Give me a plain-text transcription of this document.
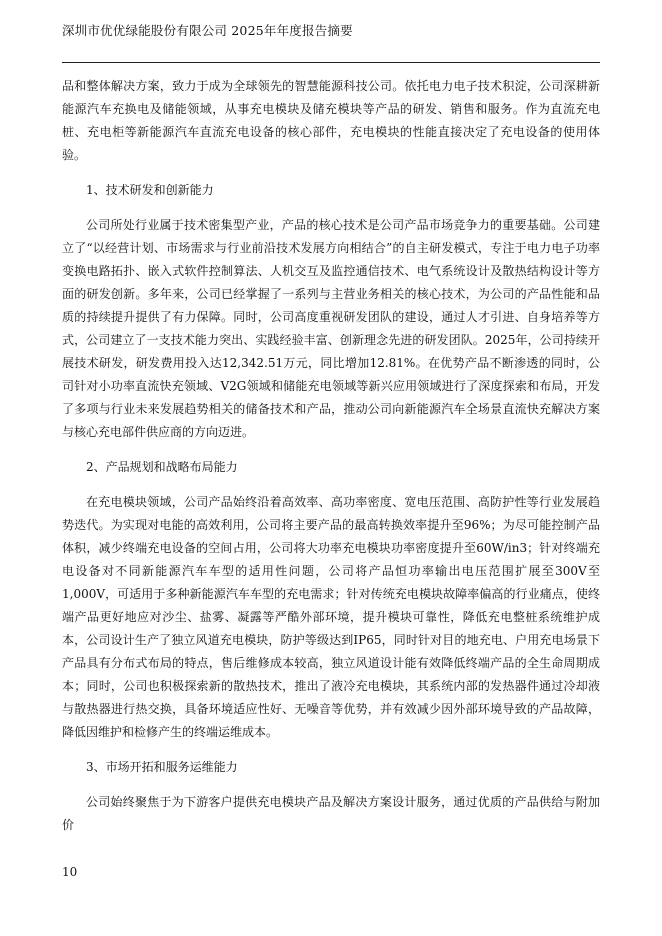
深圳市优优绿能股份有限公司 2025年年度报告摘要

品和整体解决方案，致力于成为全球领先的智慧能源科技公司。依托电力电子技术积淀，公司深耕新能源汽车充换电及储能领域，从事充电模块及储充模块等产品的研发、销售和服务。作为直流充电桩、充电柜等新能源汽车直流充电设备的核心部件，充电模块的性能直接决定了充电设备的使用体验。

1、技术研发和创新能力

公司所处行业属于技术密集型产业，产品的核心技术是公司产品市场竞争力的重要基础。公司建立了“以经营计划、市场需求与行业前沿技术发展方向相结合”的自主研发模式，专注于电力电子功率变换电路拓扑、嵌入式软件控制算法、人机交互及监控通信技术、电气系统设计及散热结构设计等方面的研发创新。多年来，公司已经掌握了一系列与主营业务相关的核心技术，为公司的产品性能和品质的持续提升提供了有力保障。同时，公司高度重视研发团队的建设，通过人才引进、自身培养等方式，公司建立了一支技术能力突出、实践经验丰富、创新理念先进的研发团队。2025年，公司持续开展技术研发，研发费用投入达12,342.51万元，同比增加12.81%。在优势产品不断渗透的同时，公司针对小功率直流快充领域、V2G领域和储能充电领域等新兴应用领域进行了深度探索和布局，开发了多项与行业未来发展趋势相关的储备技术和产品，推动公司向新能源汽车全场景直流快充解决方案与核心充电部件供应商的方向迈进。

2、产品规划和战略布局能力

在充电模块领域，公司产品始终沿着高效率、高功率密度、宽电压范围、高防护性等行业发展趋势迭代。为实现对电能的高效利用，公司将主要产品的最高转换效率提升至96%；为尽可能控制产品体积，减少终端充电设备的空间占用，公司将大功率充电模块功率密度提升至60W/in3；针对终端充电设备对不同新能源汽车车型的适用性问题，公司将产品恒功率输出电压范围扩展至300V至1,000V，可适用于多种新能源汽车车型的充电需求；针对传统充电模块故障率偏高的行业痛点，使终端产品更好地应对沙尘、盐雾、凝露等严酷外部环境，提升模块可靠性，降低充电整桩系统维护成本，公司设计生产了独立风道充电模块，防护等级达到IP65，同时针对目的地充电、户用充电场景下产品具有分布式布局的特点，售后维修成本较高，独立风道设计能有效降低终端产品的全生命周期成本；同时，公司也积极探索新的散热技术，推出了液冷充电模块，其系统内部的发热器件通过冷却液与散热器进行热交换，具备环境适应性好、无噪音等优势，并有效减少因外部环境导致的产品故障，降低因维护和检修产生的终端运维成本。

3、市场开拓和服务运维能力

公司始终聚焦于为下游客户提供充电模块产品及解决方案设计服务，通过优质的产品供给与附加价

10
